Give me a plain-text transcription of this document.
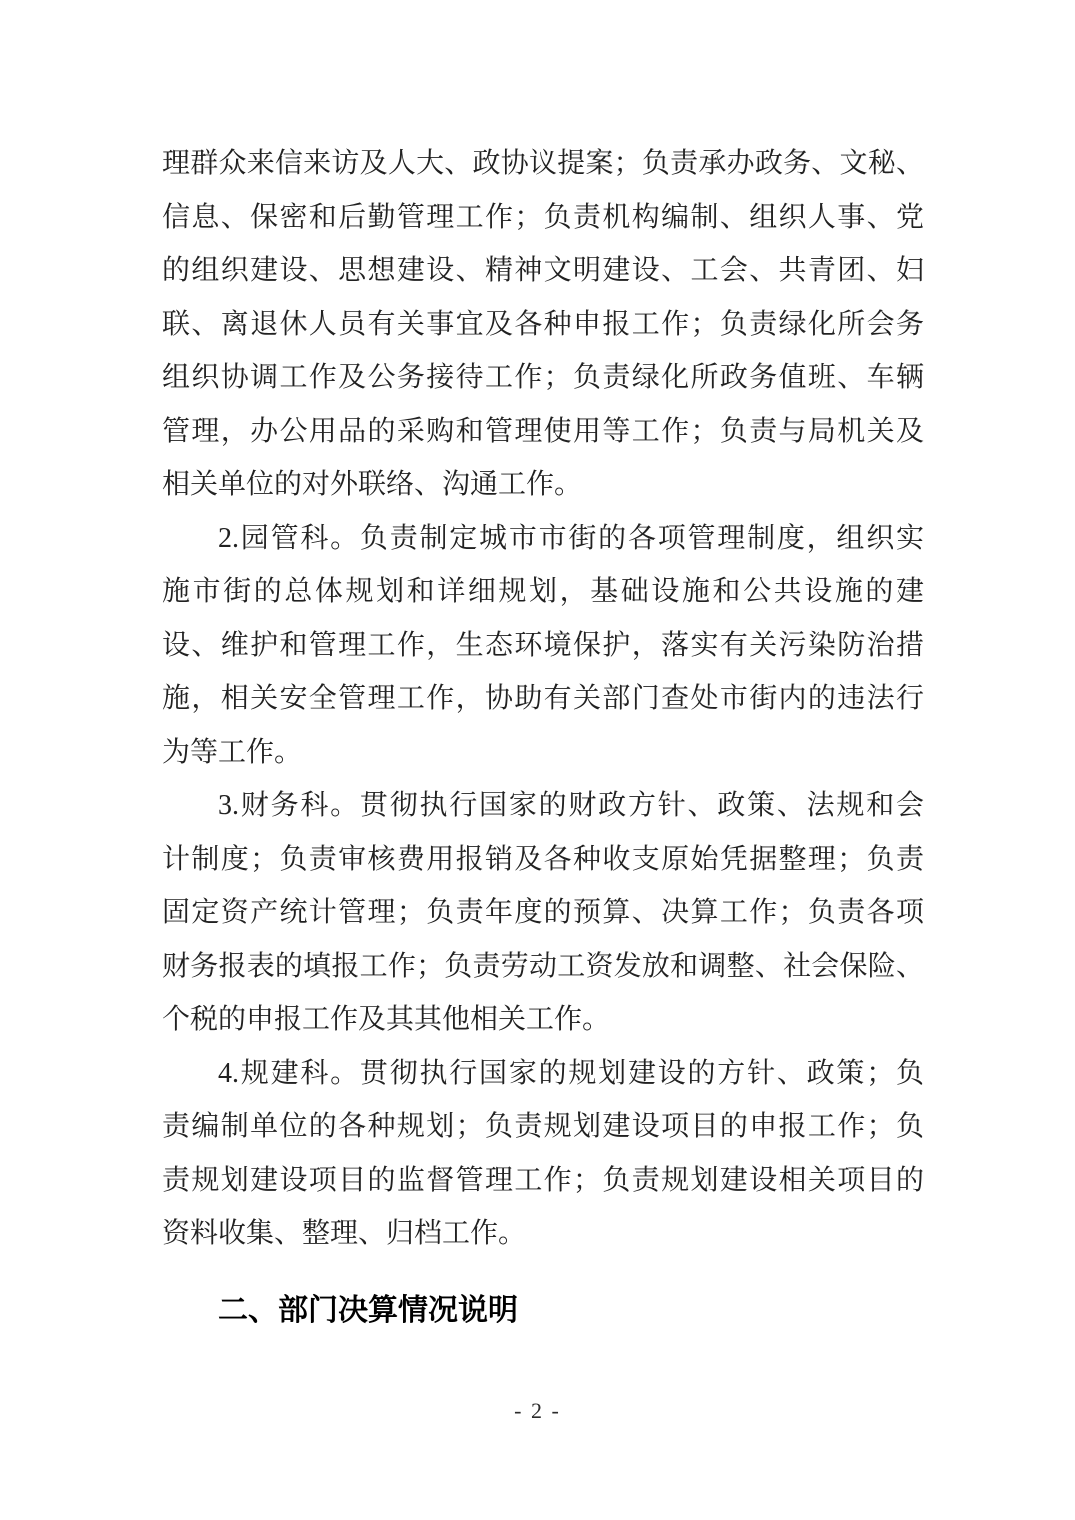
理群众来信来访及人大、政协议提案；负责承办政务、文秘、
信息、保密和后勤管理工作；负责机构编制、组织人事、党
的组织建设、思想建设、精神文明建设、工会、共青团、妇
联、离退休人员有关事宜及各种申报工作；负责绿化所会务
组织协调工作及公务接待工作；负责绿化所政务值班、车辆
管理，办公用品的采购和管理使用等工作；负责与局机关及
相关单位的对外联络、沟通工作。
2.园管科。负责制定城市市街的各项管理制度，组织实
施市街的总体规划和详细规划，基础设施和公共设施的建
设、维护和管理工作，生态环境保护，落实有关污染防治措
施，相关安全管理工作，协助有关部门查处市街内的违法行
为等工作。
3.财务科。贯彻执行国家的财政方针、政策、法规和会
计制度；负责审核费用报销及各种收支原始凭据整理；负责
固定资产统计管理；负责年度的预算、决算工作；负责各项
财务报表的填报工作；负责劳动工资发放和调整、社会保险、
个税的申报工作及其其他相关工作。
4.规建科。贯彻执行国家的规划建设的方针、政策；负
责编制单位的各种规划；负责规划建设项目的申报工作；负
责规划建设项目的监督管理工作；负责规划建设相关项目的
资料收集、整理、归档工作。
二、部门决算情况说明
- 2 -
